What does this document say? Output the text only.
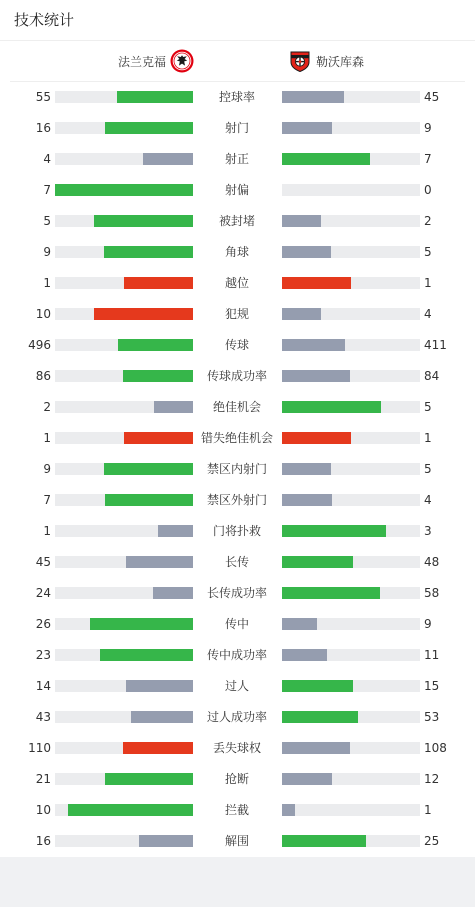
技术统计
法兰克福	勒沃库森
55	控球率	45
16	射门	9
4	射正	7
7	射偏	0
5	被封堵	2
9	角球	5
1	越位	1
10	犯规	4
496	传球	411
86	传球成功率	84
2	绝佳机会	5
1	错失绝佳机会	1
9	禁区内射门	5
7	禁区外射门	4
1	门将扑救	3
45	长传	48
24	长传成功率	58
26	传中	9
23	传中成功率	11
14	过人	15
43	过人成功率	53
110	丢失球权	108
21	抢断	12
10	拦截	1
16	解围	25
